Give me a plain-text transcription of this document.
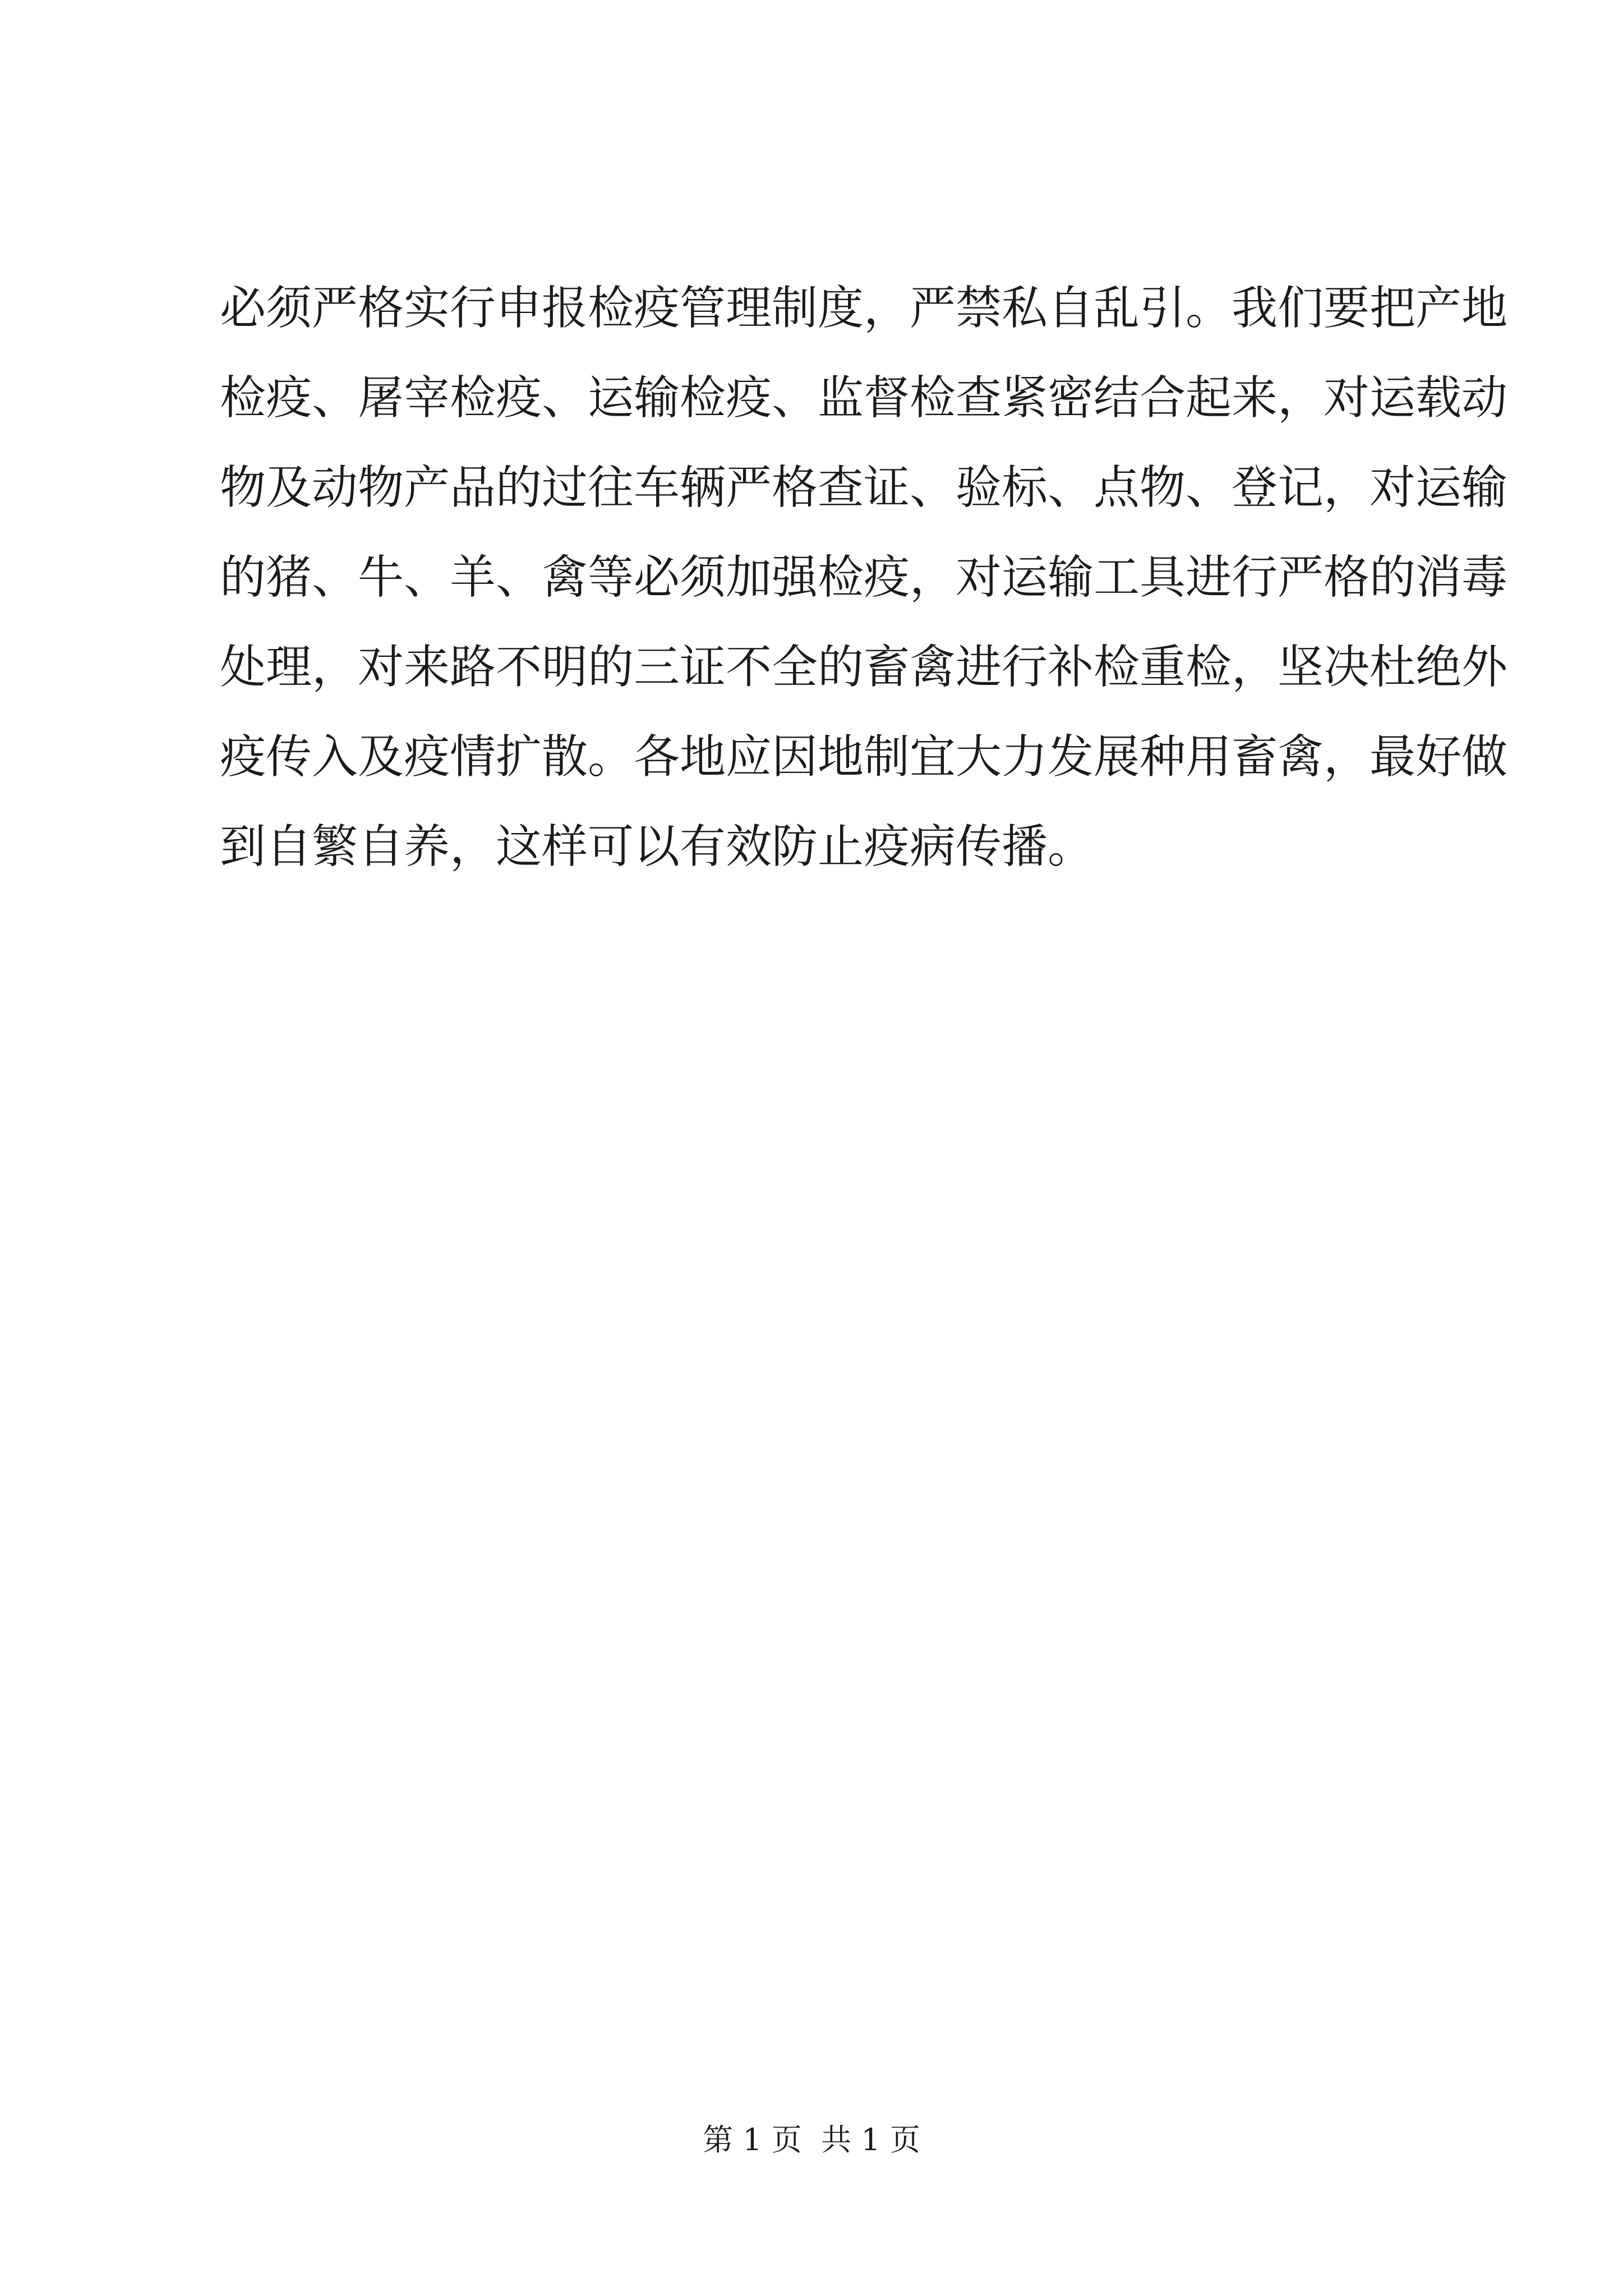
必须严格实行申报检疫管理制度，严禁私自乱引。我们要把产地
检疫、屠宰检疫、运输检疫、监督检查紧密结合起来，对运载动
物及动物产品的过往车辆严格查证、验标、点物、登记，对运输
的猪、牛、羊、禽等必须加强检疫，对运输工具进行严格的消毒
处理，对来路不明的三证不全的畜禽进行补检重检，坚决杜绝外
疫传入及疫情扩散。各地应因地制宜大力发展种用畜禽，最好做
到自繁自养，这样可以有效防止疫病传播。
第 1 页  共 1 页
